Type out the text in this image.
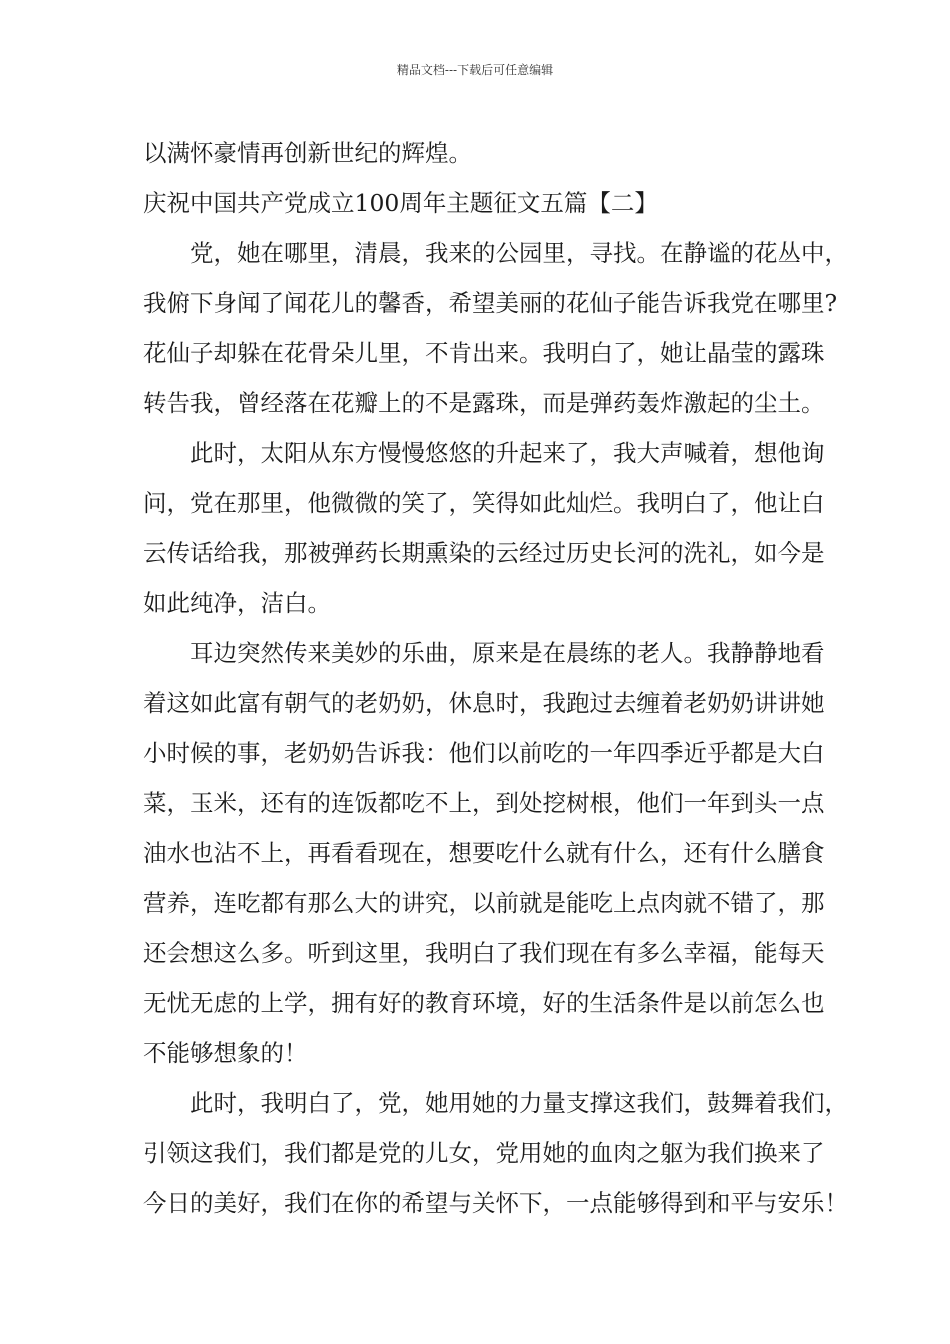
精品文档---下载后可任意编辑
以满怀豪情再创新世纪的辉煌。
庆祝中国共产党成立100周年主题征文五篇【二】
党，她在哪里，清晨，我来的公园里，寻找。在静谧的花丛中，
我俯下身闻了闻花儿的馨香，希望美丽的花仙子能告诉我党在哪里?
花仙子却躲在花骨朵儿里，不肯出来。我明白了，她让晶莹的露珠
转告我，曾经落在花瓣上的不是露珠，而是弹药轰炸激起的尘土。
此时，太阳从东方慢慢悠悠的升起来了，我大声喊着，想他询
问，党在那里，他微微的笑了，笑得如此灿烂。我明白了，他让白
云传话给我，那被弹药长期熏染的云经过历史长河的洗礼，如今是
如此纯净，洁白。
耳边突然传来美妙的乐曲，原来是在晨练的老人。我静静地看
着这如此富有朝气的老奶奶，休息时，我跑过去缠着老奶奶讲讲她
小时候的事，老奶奶告诉我：他们以前吃的一年四季近乎都是大白
菜，玉米，还有的连饭都吃不上，到处挖树根，他们一年到头一点
油水也沾不上，再看看现在，想要吃什么就有什么，还有什么膳食
营养，连吃都有那么大的讲究，以前就是能吃上点肉就不错了，那
还会想这么多。听到这里，我明白了我们现在有多么幸福，能每天
无忧无虑的上学，拥有好的教育环境，好的生活条件是以前怎么也
不能够想象的！
此时，我明白了，党，她用她的力量支撑这我们，鼓舞着我们，
引领这我们，我们都是党的儿女，党用她的血肉之躯为我们换来了
今日的美好，我们在你的希望与关怀下，一点能够得到和平与安乐！
